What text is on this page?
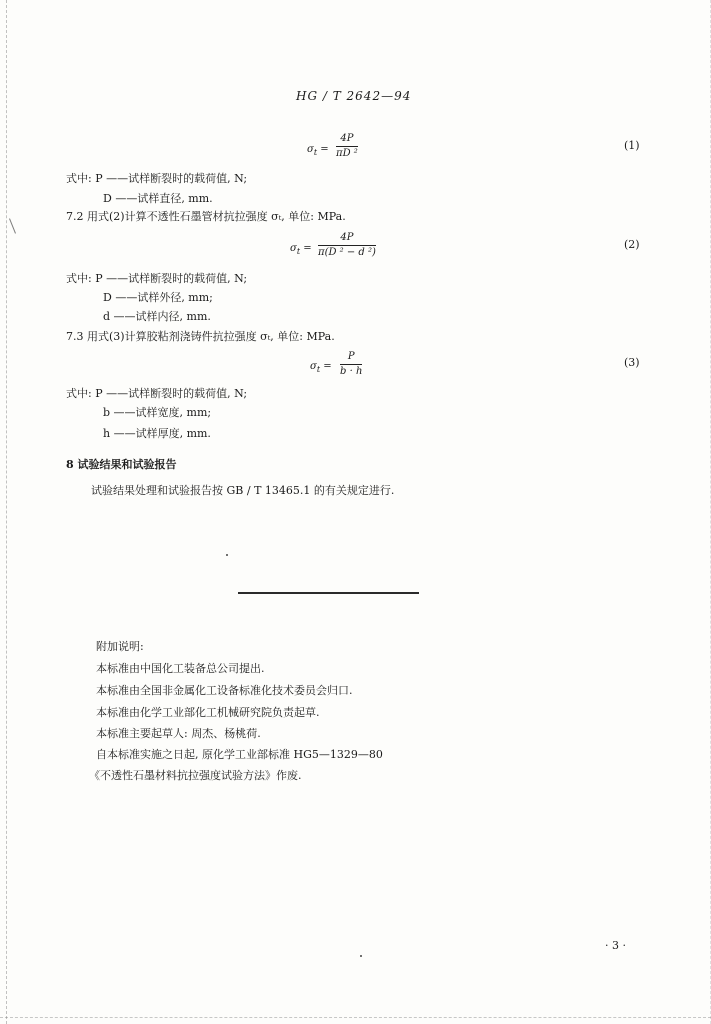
HG / T 2642—94
$\sigma_t$ =
4P
πD ²
(1)
式中: P ——试样断裂时的载荷值, N;
D ——试样直径, mm.
7.2 用式(2)计算不透性石墨管材抗拉强度 σₜ, 单位: MPa.
$\sigma_t$ =
4P
π(D ² − d ²)
(2)
式中: P ——试样断裂时的载荷值, N;
D ——试样外径, mm;
d ——试样内径, mm.
7.3 用式(3)计算胶粘剂浇铸件抗拉强度 σₜ, 单位: MPa.
$\sigma_t$ =
P
b · h
(3)
式中: P ——试样断裂时的载荷值, N;
b ——试样宽度, mm;
h ——试样厚度, mm.
8 试验结果和试验报告
试验结果处理和试验报告按 GB / T 13465.1 的有关规定进行.
附加说明:
本标准由中国化工装备总公司提出.
本标准由全国非金属化工设备标准化技术委员会归口.
本标准由化学工业部化工机械研究院负责起草.
本标准主要起草人: 周杰、杨桃荷.
自本标准实施之日起, 原化学工业部标准 HG5—1329—80
《不透性石墨材料抗拉强度试验方法》作废.
· 3 ·
